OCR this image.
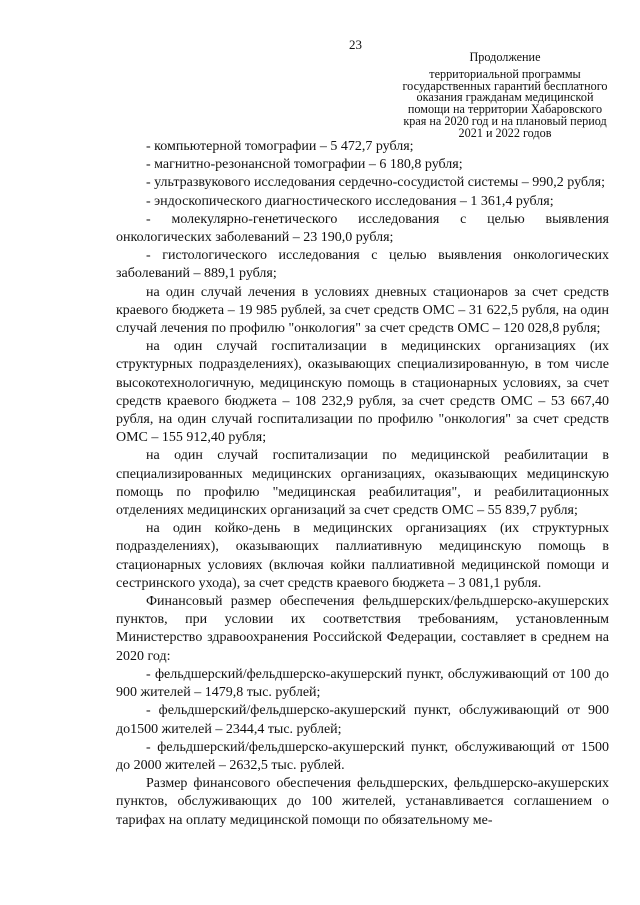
23
Продолжение
территориальной программы
государственных гарантий бесплатного
оказания гражданам медицинской
помощи на территории Хабаровского
края на 2020 год и на плановый период
2021 и 2022 годов

- компьютерной томографии – 5 472,7 рубля;

- магнитно-резонансной томографии – 6 180,8 рубля;

- ультразвукового исследования сердечно-сосудистой системы – 990,2 рубля;

- эндоскопического диагностического исследования – 1 361,4 рубля;

- молекулярно-генетического исследования с целью выявления онкологических заболеваний – 23 190,0 рубля;

- гистологического исследования с целью выявления онкологических заболеваний – 889,1 рубля;

на один случай лечения в условиях дневных стационаров за счет средств краевого бюджета – 19 985 рублей, за счет средств ОМС – 31 622,5 рубля, на один случай лечения по профилю "онкология" за счет средств ОМС – 120 028,8 рубля;

на один случай госпитализации в медицинских организациях (их структурных подразделениях), оказывающих специализированную, в том числе высокотехнологичную, медицинскую помощь в стационарных условиях, за счет средств краевого бюджета – 108 232,9 рубля, за счет средств ОМС – 53 667,40 рубля, на один случай госпитализации по профилю "онкология" за счет средств ОМС – 155 912,40 рубля;

на один случай госпитализации по медицинской реабилитации в специализированных медицинских организациях, оказывающих медицинскую помощь по профилю "медицинская реабилитация", и реабилитационных отделениях медицинских организаций за счет средств ОМС – 55 839,7 рубля;

на один койко-день в медицинских организациях (их структурных подразделениях), оказывающих паллиативную медицинскую помощь в стационарных условиях (включая койки паллиативной медицинской помощи и сестринского ухода), за счет средств краевого бюджета – 3 081,1 рубля.

Финансовый размер обеспечения фельдшерских/фельдшерско-акушерских пунктов, при условии их соответствия требованиям, установленным Министерство здравоохранения Российской Федерации, составляет в среднем на 2020 год:

- фельдшерский/фельдшерско-акушерский пункт, обслуживающий от 100 до 900 жителей – 1479,8 тыс. рублей;

- фельдшерский/фельдшерско-акушерский пункт, обслуживающий от 900 до1500 жителей – 2344,4 тыс. рублей;

- фельдшерский/фельдшерско-акушерский пункт, обслуживающий от 1500 до 2000 жителей – 2632,5 тыс. рублей.

Размер финансового обеспечения фельдшерских, фельдшерско-акушерских пунктов, обслуживающих до 100 жителей, устанавливается соглашением о тарифах на оплату медицинской помощи по обязательному ме-
